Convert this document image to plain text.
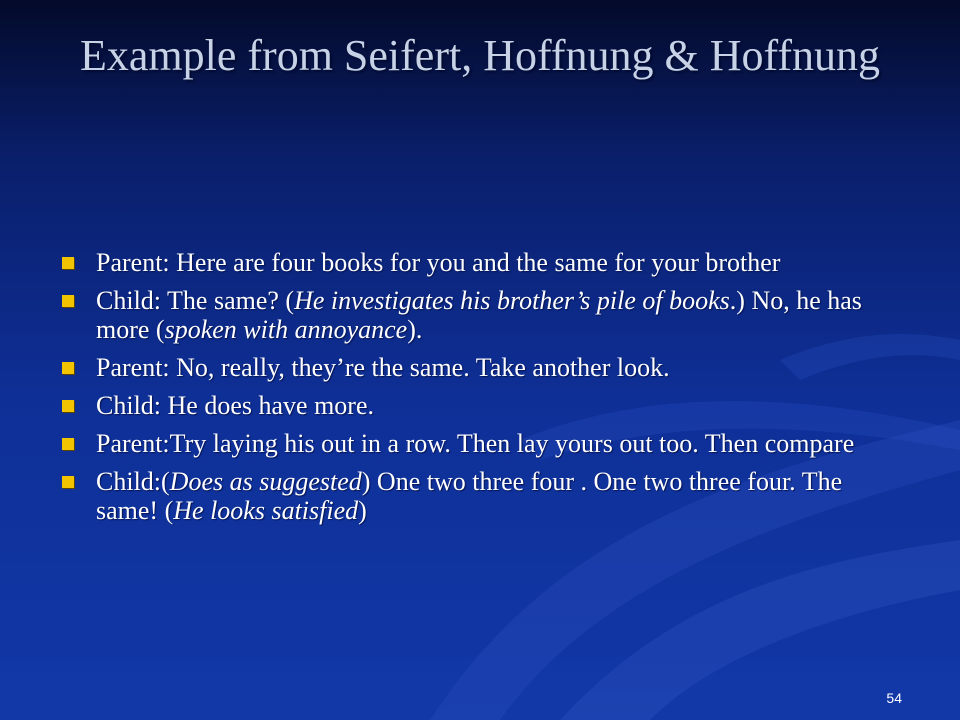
Example from Seifert, Hoffnung & Hoffnung
Parent: Here are four books for you and the same for your brother
Child: The same? (He investigates his brother’s pile of books.) No, he has more (spoken with annoyance).
Parent: No, really, they’re the same. Take another look.
Child: He does have more.
Parent:Try laying his out in a row. Then lay yours out too. Then compare
Child:(Does as suggested) One two three four . One two three four. The same! (He looks satisfied)
54
